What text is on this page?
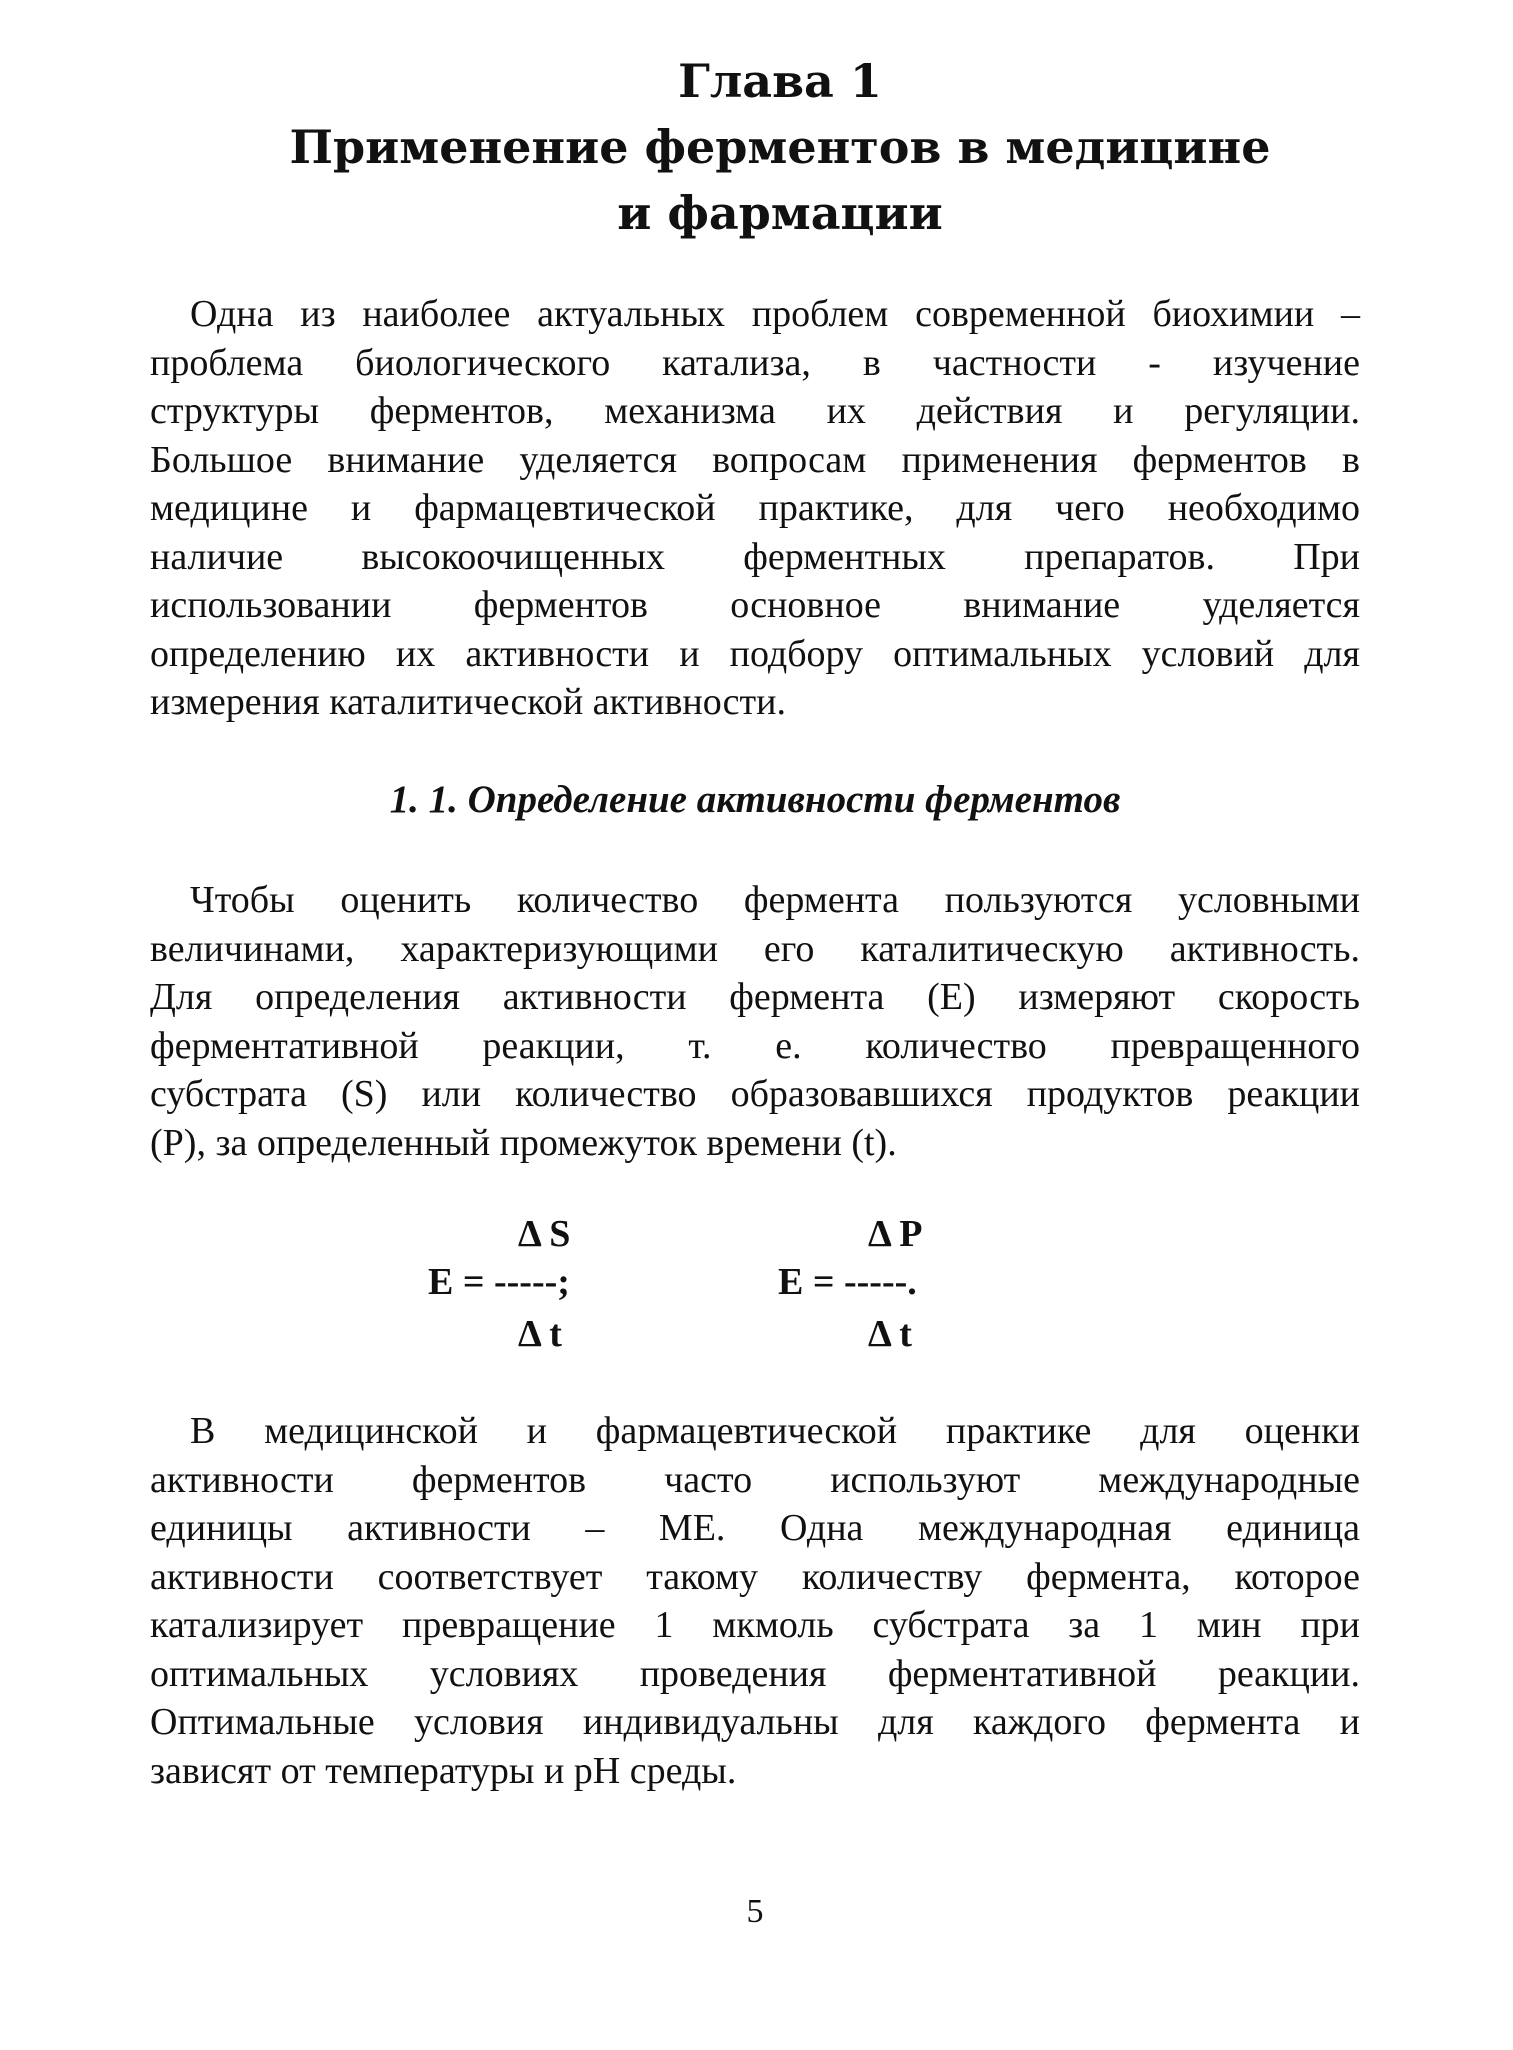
Глава 1
Применение ферментов в медицине
и фармации
Одна из наиболее актуальных проблем современной биохимии –
проблема биологического катализа, в частности - изучение
структуры ферментов, механизма их действия и регуляции.
Большое внимание уделяется вопросам применения ферментов в
медицине и фармацевтической практике, для чего необходимо
наличие высокоочищенных ферментных препаратов. При
использовании ферментов основное внимание уделяется
определению их активности и подбору оптимальных условий для
измерения каталитической активности.
1. 1. Определение активности ферментов
Чтобы оценить количество фермента пользуются условными
величинами, характеризующими его каталитическую активность.
Для определения активности фермента (Е) измеряют скорость
ферментативной реакции, т. е. количество превращенного
субстрата (S) или количество образовавшихся продуктов реакции
(Р), за определенный промежуток времени (t).
Δ S
E = -----;
Δ t
Δ P
E = -----.
Δ t
В медицинской и фармацевтической практике для оценки
активности ферментов часто используют международные
единицы активности – МЕ. Одна международная единица
активности соответствует такому количеству фермента, которое
катализирует превращение 1 мкмоль субстрата за 1 мин при
оптимальных условиях проведения ферментативной реакции.
Оптимальные условия индивидуальны для каждого фермента и
зависят от температуры и рН среды.
5
